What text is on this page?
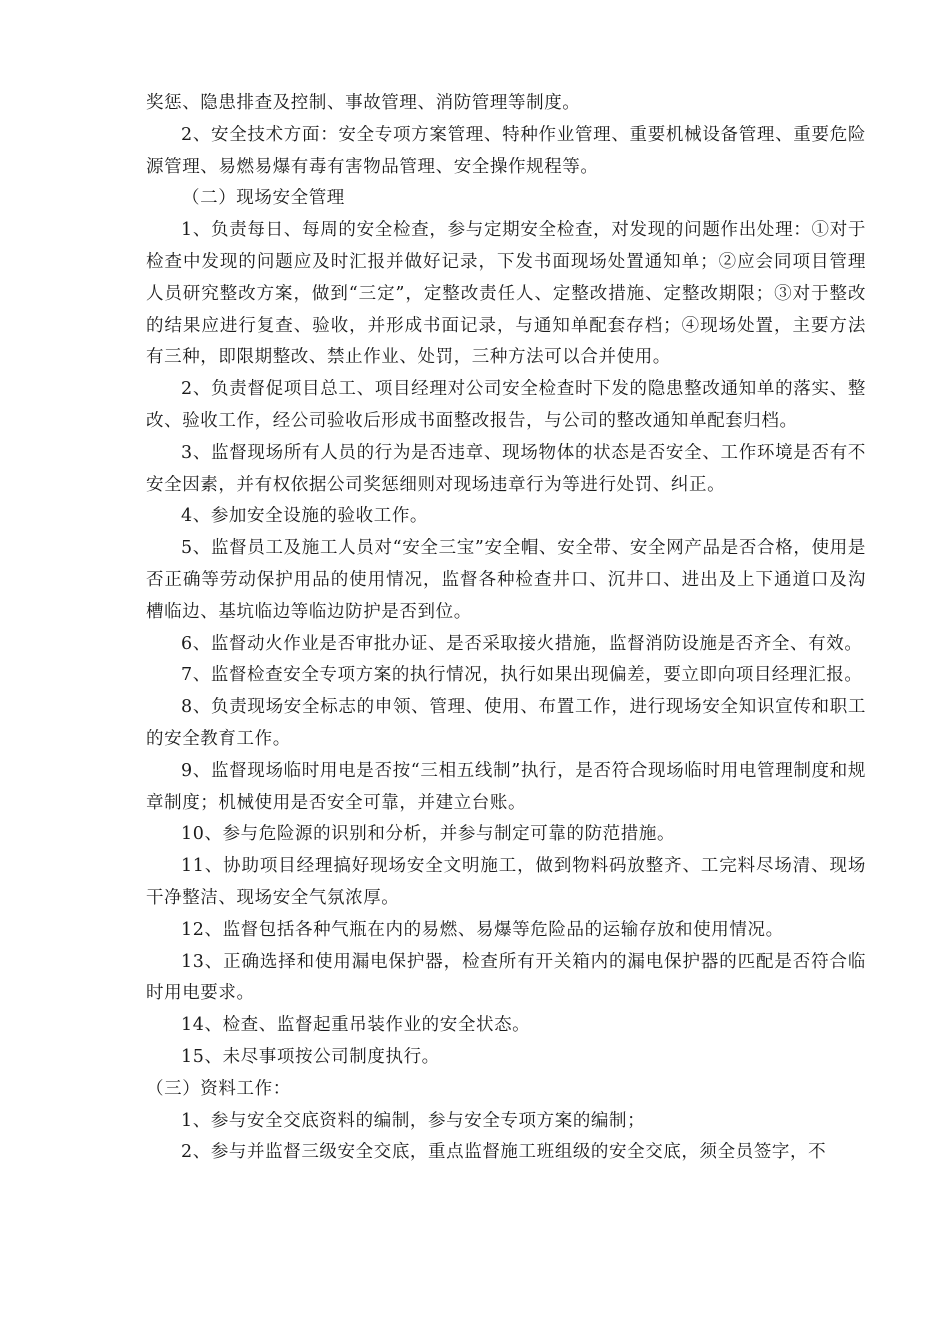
奖惩、隐患排查及控制、事故管理、消防管理等制度。

2、安全技术方面：安全专项方案管理、特种作业管理、重要机械设备管理、重要危险源管理、易燃易爆有毒有害物品管理、安全操作规程等。

（二）现场安全管理

1、负责每日、每周的安全检查，参与定期安全检查，对发现的问题作出处理：①对于检查中发现的问题应及时汇报并做好记录，下发书面现场处置通知单；②应会同项目管理人员研究整改方案，做到“三定”，定整改责任人、定整改措施、定整改期限；③对于整改的结果应进行复查、验收，并形成书面记录，与通知单配套存档；④现场处置，主要方法有三种，即限期整改、禁止作业、处罚，三种方法可以合并使用。

2、负责督促项目总工、项目经理对公司安全检查时下发的隐患整改通知单的落实、整改、验收工作，经公司验收后形成书面整改报告，与公司的整改通知单配套归档。

3、监督现场所有人员的行为是否违章、现场物体的状态是否安全、工作环境是否有不安全因素，并有权依据公司奖惩细则对现场违章行为等进行处罚、纠正。

4、参加安全设施的验收工作。

5、监督员工及施工人员对“安全三宝”安全帽、安全带、安全网产品是否合格，使用是否正确等劳动保护用品的使用情况，监督各种检查井口、沉井口、进出及上下通道口及沟槽临边、基坑临边等临边防护是否到位。

6、监督动火作业是否审批办证、是否采取接火措施，监督消防设施是否齐全、有效。

7、监督检查安全专项方案的执行情况，执行如果出现偏差，要立即向项目经理汇报。

8、负责现场安全标志的申领、管理、使用、布置工作，进行现场安全知识宣传和职工的安全教育工作。

9、监督现场临时用电是否按“三相五线制”执行，是否符合现场临时用电管理制度和规章制度；机械使用是否安全可靠，并建立台账。

10、参与危险源的识别和分析，并参与制定可靠的防范措施。

11、协助项目经理搞好现场安全文明施工，做到物料码放整齐、工完料尽场清、现场干净整洁、现场安全气氛浓厚。

12、监督包括各种气瓶在内的易燃、易爆等危险品的运输存放和使用情况。

13、正确选择和使用漏电保护器，检查所有开关箱内的漏电保护器的匹配是否符合临时用电要求。

14、检查、监督起重吊装作业的安全状态。

15、未尽事项按公司制度执行。

（三）资料工作：

1、参与安全交底资料的编制，参与安全专项方案的编制；

2、参与并监督三级安全交底，重点监督施工班组级的安全交底，须全员签字，不
